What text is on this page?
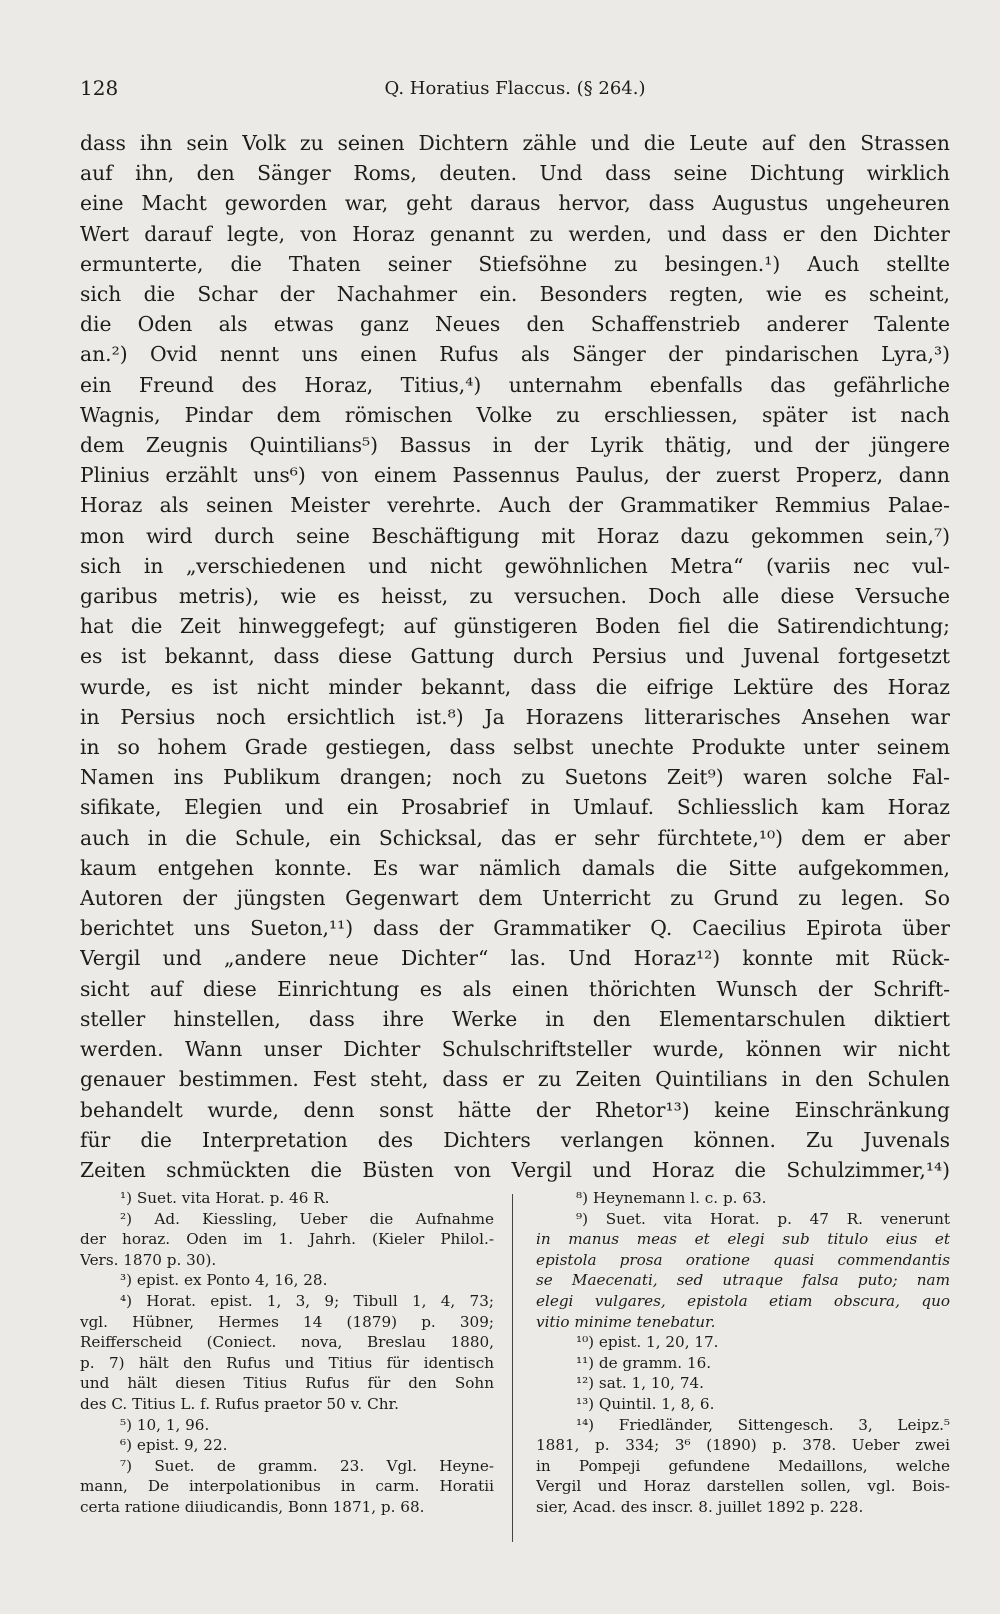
128	Q. Horatius Flaccus. (§ 264.)
dass ihn sein Volk zu seinen Dichtern zähle und die Leute auf den Strassen
auf ihn, den Sänger Roms, deuten. Und dass seine Dichtung wirklich
eine Macht geworden war, geht daraus hervor, dass Augustus ungeheuren
Wert darauf legte, von Horaz genannt zu werden, und dass er den Dichter
ermunterte, die Thaten seiner Stiefsöhne zu besingen.¹) Auch stellte
sich die Schar der Nachahmer ein. Besonders regten, wie es scheint,
die Oden als etwas ganz Neues den Schaffenstrieb anderer Talente
an.²) Ovid nennt uns einen Rufus als Sänger der pindarischen Lyra,³)
ein Freund des Horaz, Titius,⁴) unternahm ebenfalls das gefährliche
Wagnis, Pindar dem römischen Volke zu erschliessen, später ist nach
dem Zeugnis Quintilians⁵) Bassus in der Lyrik thätig, und der jüngere
Plinius erzählt uns⁶) von einem Passennus Paulus, der zuerst Properz, dann
Horaz als seinen Meister verehrte. Auch der Grammatiker Remmius Palae-
mon wird durch seine Beschäftigung mit Horaz dazu gekommen sein,⁷)
sich in „verschiedenen und nicht gewöhnlichen Metra“ (variis nec vul-
garibus metris), wie es heisst, zu versuchen. Doch alle diese Versuche
hat die Zeit hinweggefegt; auf günstigeren Boden fiel die Satirendichtung;
es ist bekannt, dass diese Gattung durch Persius und Juvenal fortgesetzt
wurde, es ist nicht minder bekannt, dass die eifrige Lektüre des Horaz
in Persius noch ersichtlich ist.⁸) Ja Horazens litterarisches Ansehen war
in so hohem Grade gestiegen, dass selbst unechte Produkte unter seinem
Namen ins Publikum drangen; noch zu Suetons Zeit⁹) waren solche Fal-
sifikate, Elegien und ein Prosabrief in Umlauf. Schliesslich kam Horaz
auch in die Schule, ein Schicksal, das er sehr fürchtete,¹⁰) dem er aber
kaum entgehen konnte. Es war nämlich damals die Sitte aufgekommen,
Autoren der jüngsten Gegenwart dem Unterricht zu Grund zu legen. So
berichtet uns Sueton,¹¹) dass der Grammatiker Q. Caecilius Epirota über
Vergil und „andere neue Dichter“ las. Und Horaz¹²) konnte mit Rück-
sicht auf diese Einrichtung es als einen thörichten Wunsch der Schrift-
steller hinstellen, dass ihre Werke in den Elementarschulen diktiert
werden. Wann unser Dichter Schulschriftsteller wurde, können wir nicht
genauer bestimmen. Fest steht, dass er zu Zeiten Quintilians in den Schulen
behandelt wurde, denn sonst hätte der Rhetor¹³) keine Einschränkung
für die Interpretation des Dichters verlangen können. Zu Juvenals
Zeiten schmückten die Büsten von Vergil und Horaz die Schulzimmer,¹⁴)
¹) Suet. vita Horat. p. 46 R.
²) Ad. Kiessling, Ueber die Aufnahme
der horaz. Oden im 1. Jahrh. (Kieler Philol.-
Vers. 1870 p. 30).
³) epist. ex Ponto 4, 16, 28.
⁴) Horat. epist. 1, 3, 9; Tibull 1, 4, 73;
vgl. Hübner, Hermes 14 (1879) p. 309;
Reifferscheid (Coniect. nova, Breslau 1880,
p. 7) hält den Rufus und Titius für identisch
und hält diesen Titius Rufus für den Sohn
des C. Titius L. f. Rufus praetor 50 v. Chr.
⁵) 10, 1, 96.
⁶) epist. 9, 22.
⁷) Suet. de gramm. 23. Vgl. Heyne-
mann, De interpolationibus in carm. Horatii
certa ratione diiudicandis, Bonn 1871, p. 68.
⁸) Heynemann l. c. p. 63.
⁹) Suet. vita Horat. p. 47 R. venerunt
in manus meas et elegi sub titulo eius et
epistola prosa oratione quasi commendantis
se Maecenati, sed utraque falsa puto; nam
elegi vulgares, epistola etiam obscura, quo
vitio minime tenebatur.
¹⁰) epist. 1, 20, 17.
¹¹) de gramm. 16.
¹²) sat. 1, 10, 74.
¹³) Quintil. 1, 8, 6.
¹⁴) Friedländer, Sittengesch. 3, Leipz.⁵
1881, p. 334; 3⁶ (1890) p. 378. Ueber zwei
in Pompeji gefundene Medaillons, welche
Vergil und Horaz darstellen sollen, vgl. Bois-
sier, Acad. des inscr. 8. juillet 1892 p. 228.
